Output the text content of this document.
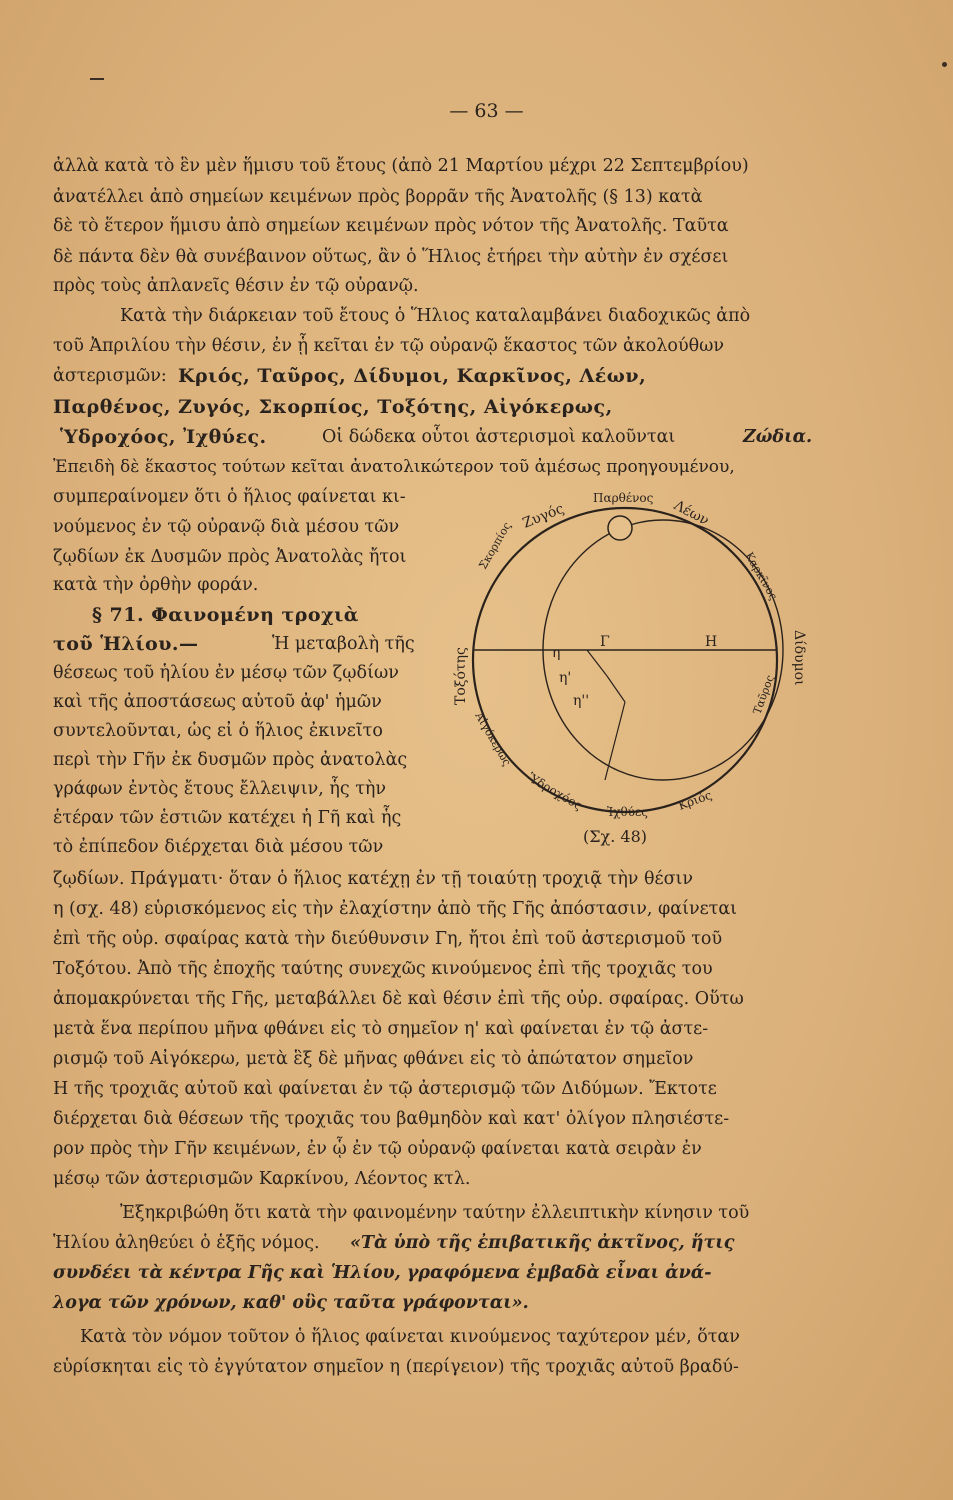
— 63 —
ἀλλὰ κατὰ τὸ ἓν μὲν ἥμισυ τοῦ ἔτους (ἀπὸ 21 Μαρτίου μέχρι 22 Σεπτεμβρίου)
ἀνατέλλει ἀπὸ σημείων κειμένων πρὸς βορρᾶν τῆς Ἀνατολῆς (§ 13) κατὰ
δὲ τὸ ἕτερον ἥμισυ ἀπὸ σημείων κειμένων πρὸς νότον τῆς Ἀνατολῆς. Ταῦτα
δὲ πάντα δὲν θὰ συνέβαινον οὕτως, ἂν ὁ Ἥλιος ἐτήρει τὴν αὐτὴν ἐν σχέσει
πρὸς τοὺς ἀπλανεῖς θέσιν ἐν τῷ οὐρανῷ.
Κατὰ τὴν διάρκειαν τοῦ ἔτους ὁ Ἥλιος καταλαμβάνει διαδοχικῶς ἀπὸ
τοῦ Ἀπριλίου τὴν θέσιν, ἐν ᾗ κεῖται ἐν τῷ οὐρανῷ ἕκαστος τῶν ἀκολούθων
ἀστερισμῶν: Κριός, Ταῦρος, Δίδυμοι, Καρκῖνος, Λέων,
Παρθένος, Ζυγός, Σκορπίος, Τοξότης, Αἰγόκερως,
Ὑδροχόος, Ἰχθύες.	Οἱ δώδεκα οὗτοι ἀστερισμοὶ καλοῦνται	Ζώδια.
Ἐπειδὴ δὲ ἕκαστος τούτων κεῖται ἀνατολικώτερον τοῦ ἀμέσως προηγουμένου,
συμπεραίνομεν ὅτι ὁ ἥλιος φαίνεται κι-
νούμενος ἐν τῷ οὐρανῷ διὰ μέσου τῶν
ζῳδίων ἐκ Δυσμῶν πρὸς Ἀνατολὰς ἤτοι
κατὰ τὴν ὀρθὴν φοράν.
§ 71. Φαινομένη τροχιὰ
τοῦ Ἡλίου.—	Ἡ μεταβολὴ τῆς
θέσεως τοῦ ἡλίου ἐν μέσῳ τῶν ζῳδίων
καὶ τῆς ἀποστάσεως αὐτοῦ ἀφ' ἡμῶν
συντελοῦνται, ὡς εἰ ὁ ἥλιος ἐκινεῖτο
περὶ τὴν Γῆν ἐκ δυσμῶν πρὸς ἀνατολὰς
γράφων ἐντὸς ἔτους ἔλλειψιν, ἧς τὴν
ἑτέραν τῶν ἑστιῶν κατέχει ἡ Γῆ καὶ ἧς
τὸ ἐπίπεδον διέρχεται διὰ μέσου τῶν
ζῳδίων. Πράγματι· ὅταν ὁ ἥλιος κατέχῃ ἐν τῇ τοιαύτῃ τροχιᾷ τὴν θέσιν
η (σχ. 48) εὑρισκόμενος εἰς τὴν ἐλαχίστην ἀπὸ τῆς Γῆς ἀπόστασιν, φαίνεται
ἐπὶ τῆς οὐρ. σφαίρας κατὰ τὴν διεύθυνσιν Γη, ἤτοι ἐπὶ τοῦ ἀστερισμοῦ τοῦ
Τοξότου. Ἀπὸ τῆς ἐποχῆς ταύτης συνεχῶς κινούμενος ἐπὶ τῆς τροχιᾶς του
ἀπομακρύνεται τῆς Γῆς, μεταβάλλει δὲ καὶ θέσιν ἐπὶ τῆς οὐρ. σφαίρας. Οὕτω
μετὰ ἕνα περίπου μῆνα φθάνει εἰς τὸ σημεῖον η' καὶ φαίνεται ἐν τῷ ἀστε-
ρισμῷ τοῦ Αἰγόκερω, μετὰ ἓξ δὲ μῆνας φθάνει εἰς τὸ ἀπώτατον σημεῖον
Η τῆς τροχιᾶς αὐτοῦ καὶ φαίνεται ἐν τῷ ἀστερισμῷ τῶν Διδύμων. Ἔκτοτε
διέρχεται διὰ θέσεων τῆς τροχιᾶς του βαθμηδὸν καὶ κατ' ὀλίγον πλησιέστε-
ρον πρὸς τὴν Γῆν κειμένων, ἐν ᾧ ἐν τῷ οὐρανῷ φαίνεται κατὰ σειρὰν ἐν
μέσῳ τῶν ἀστερισμῶν Καρκίνου, Λέοντος κτλ.
Ἐξηκριβώθη ὅτι κατὰ τὴν φαινομένην ταύτην ἐλλειπτικὴν κίνησιν τοῦ
Ἡλίου ἀληθεύει ὁ ἑξῆς νόμος. «Τὰ ὑπὸ τῆς ἐπιβατικῆς ἀκτῖνος, ἥτις
συνδέει τὰ κέντρα Γῆς καὶ Ἡλίου, γραφόμενα ἐμβαδὰ εἶναι ἀνά-
λογα τῶν χρόνων, καθ' οὓς ταῦτα γράφονται».
Κατὰ τὸν νόμον τοῦτον ὁ ἥλιος φαίνεται κινούμενος ταχύτερον μέν, ὅταν
εὑρίσκηται εἰς τὸ ἐγγύτατον σημεῖον η (περίγειον) τῆς τροχιᾶς αὐτοῦ βραδύ-
η
Γ	Η
η'
η''
Παρθένος
Ζυγός	Λέων
Σκορπίος
Καρκῖνος
Τοξότης	Δίδυμοι
Αἰγόκερως
Ταῦρος
Ὑδροχόος Ἰχθύες Κριός
(Σχ. 48)
